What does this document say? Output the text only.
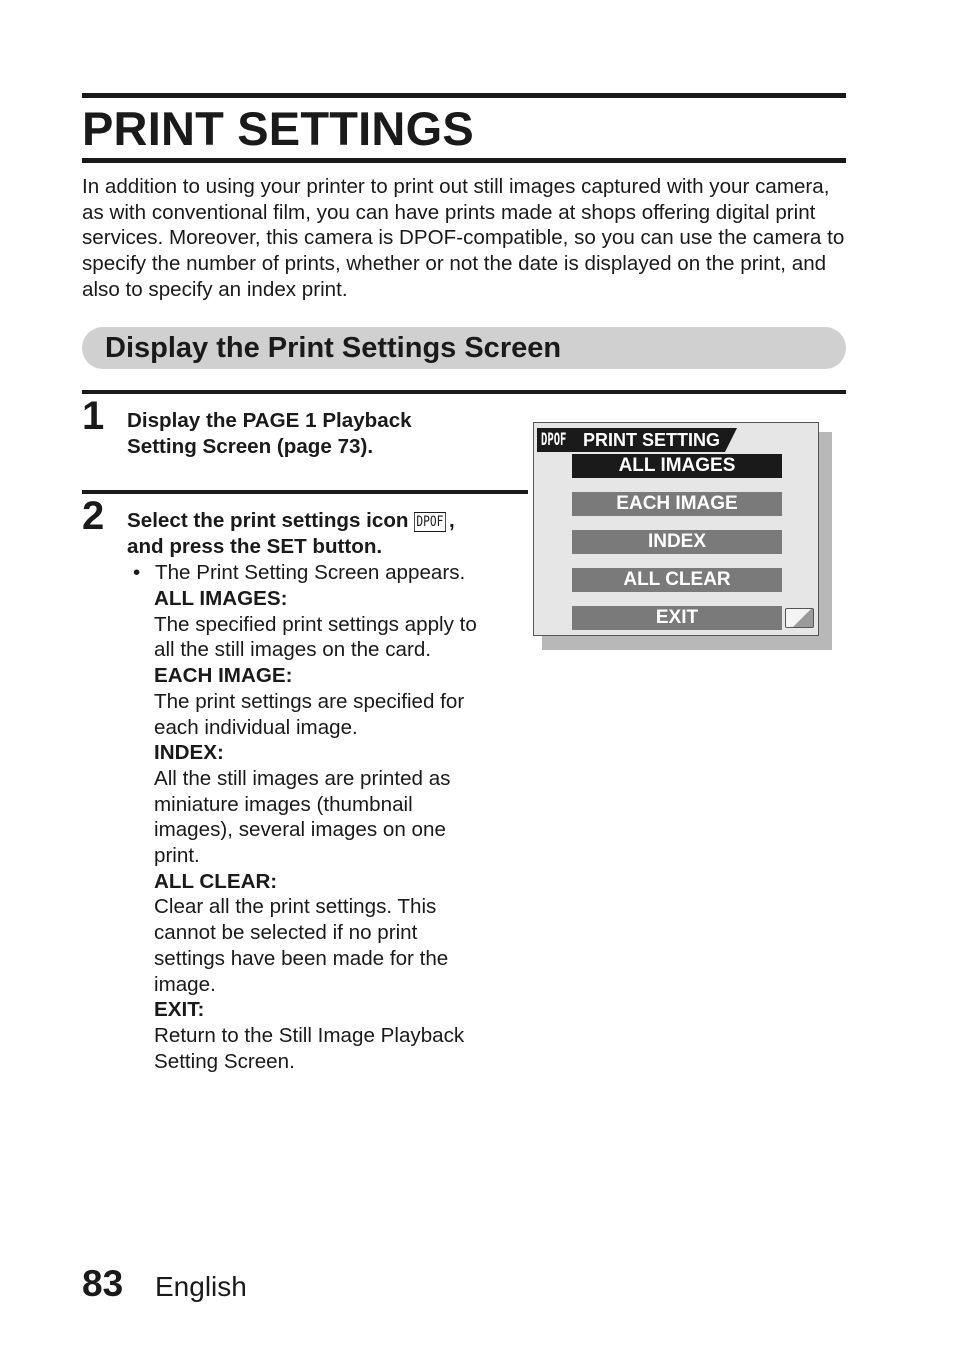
PRINT SETTINGS
In addition to using your printer to print out still images captured with your camera, as with conventional film, you can have prints made at shops offering digital print services. Moreover, this camera is DPOF-compatible, so you can use the camera to specify the number of prints, whether or not the date is displayed on the print, and also to specify an index print.
Display the Print Settings Screen
1 Display the PAGE 1 Playback
Setting Screen (page 73).
2 Select the print settings icon DPOF ,
and press the SET button.
• The Print Setting Screen appears.
ALL IMAGES:
The specified print settings apply to
all the still images on the card.
EACH IMAGE:
The print settings are specified for
each individual image.
INDEX:
All the still images are printed as
miniature images (thumbnail
images), several images on one
print.
ALL CLEAR:
Clear all the print settings. This
cannot be selected if no print
settings have been made for the
image.
EXIT:
Return to the Still Image Playback
Setting Screen.
DPOF PRINT SETTING
ALL IMAGES
EACH IMAGE
INDEX
ALL CLEAR
EXIT
83 English
